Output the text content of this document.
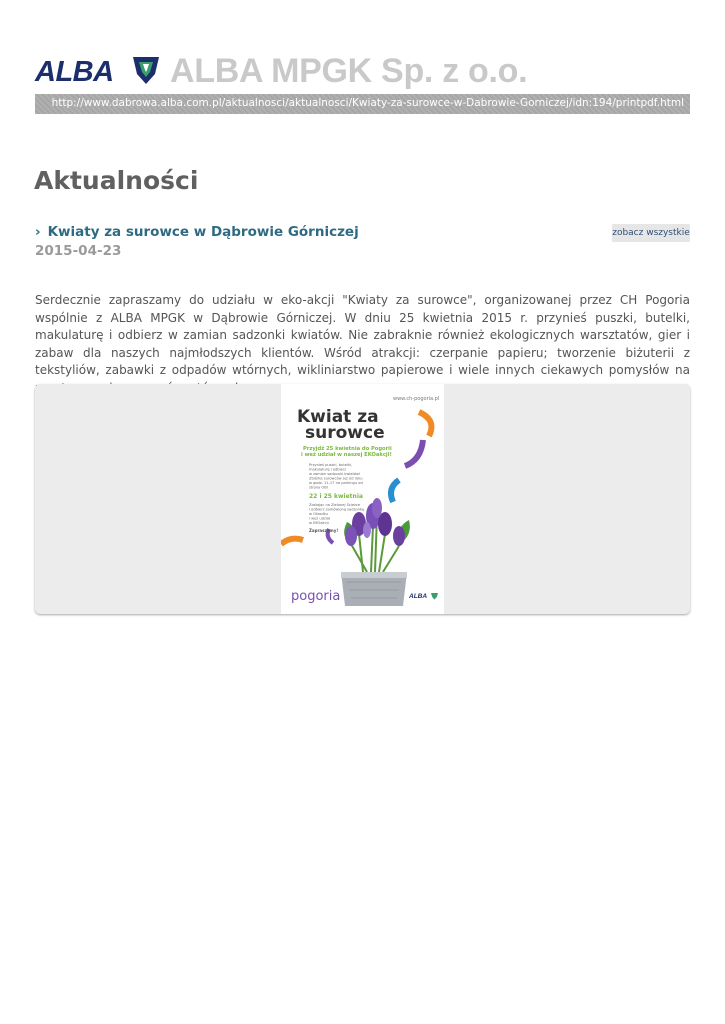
ALBA ALBA MPGK Sp. z o.o.
http://www.dabrowa.alba.com.pl/aktualnosci/aktualnosci/Kwiaty-za-surowce-w-Dabrowie-Gorniczej/idn:194/printpdf.html
Aktualności
› Kwiaty za surowce w Dąbrowie Górniczej
2015-04-23
zobacz wszystkie

Serdecznie zapraszamy do udziału w eko-akcji "Kwiaty za surowce", organizowanej przez CH Pogoria wspólnie z ALBA MPGK w Dąbrowie Górniczej. W dniu 25 kwietnia 2015 r. przynieś puszki, butelki, makulaturę i odbierz w zamian sadzonki kwiatów. Nie zabraknie również ekologicznych warsztatów, gier i zabaw dla naszych najmłodszych klientów. Wśród atrakcji: czerpanie papieru; tworzenie biżuterii z tekstyliów, zabawki z odpadów wtórnych, wikliniarstwo papierowe i wiele innych ciekawych pomysłów na

www.ch-pogoria.pl
Kwiat za
surowce
Przyjdź 25 kwietnia do Pogorii
i weź udział w naszej EKOakcji!
Przynieś puszki, butelki,
makulaturę i odbierz
w zamian sadzonki kwiatów!
Zbiórka surowców już od roku
w godz. 11-17 na parkingu od
strony OBI
22 i 25 kwietnia
Zostając na Zielonej Ścieżce
i odbierz zamówioną sadzonkę
w Ośrodku
i weź udział
w EKOakcji
Zapraszamy!
pogoria	ALBA
